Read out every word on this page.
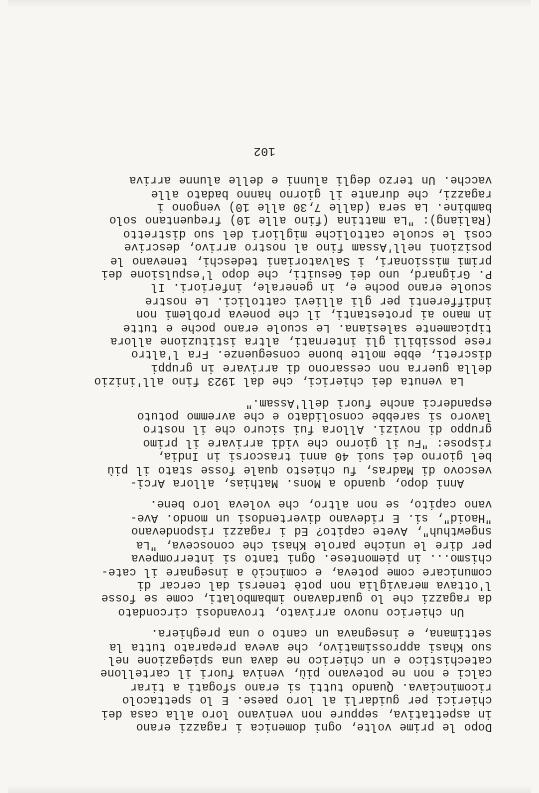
Dopo le prime volte, ogni domenica i ragazzi erano
in aspettativa, seppure non venivano loro alla casa dei
chierici per guidarli al loro paese. E lo spettacolo
ricominciava. Quando tutti si erano sfogati a tirar
calci e non ne potevano più, veniva fuori il cartellone
catechistico e un chierico ne dava una spiegazione nel
suo Khasi approssimativo, che aveva preparato tutta la
settimana, e insegnava un canto o una preghiera.
Un chierico nuovo arrivato, trovandosi circondato
da ragazzi che lo guardavano imbambolati, come se fosse
l'ottava meraviglia non potè tenersi dal cercar di
comunicare come poteva, e cominciò a insegnare il cate-
chismo... in piemontese. Ogni tanto si interrompeva
per dire le uniche parole Khasi che conosceva, "La
sngewthuh", Avete capito? Ed i ragazzi rispondevano
"Haoid", si. E ridevano divertendosi un mondo. Ave-
vano capito, se non altro, che voleva loro bene.
Anni dopo, quando a Mons. Mathias, allora Arci-
vescovo di Madras, fu chiesto quale fosse stato il più
bel giorno dei suoi 40 anni trascorsi in India,
rispose: "Fu il giorno che vidi arrivare il primo
gruppo di novizi. Allora fui sicuro che il nostro
lavoro si sarebbe consolidato e che avremmo potuto
espanderci anche fuori dell'Assam."
La venuta dei chierici, che dal 1923 fino all'inizio
della guerra non cessarono di arrivare in gruppi
discreti, ebbe molte buone conseguenze. Fra l'altro
rese possibili gli internati, altra istituzione allora
tipicamente salesiana. Le scuole erano poche e tutte
in mano ai protestanti, il che poneva problemi non
indifferenti per gli allievi cattolici. Le nostre
scuole erano poche e, in generale, inferiori. Il
P. Grignard, uno dei Gesuiti, che dopo l'espulsione dei
primi missionari, i Salvatoriani tedeschi, tenevano le
posizioni nell'Assam fino al nostro arrivo, descrive
così le scuole cattoliche migliori del suo distretto
(Raliang): "La mattina (fino alle 10) frequentano solo
bambine. La sera (dalle 7,30 alle 10) vengono i
ragazzi, che durante il giorno hanno badato alle
vacche. Un terzo degli alunni e delle alunne arriva
102
